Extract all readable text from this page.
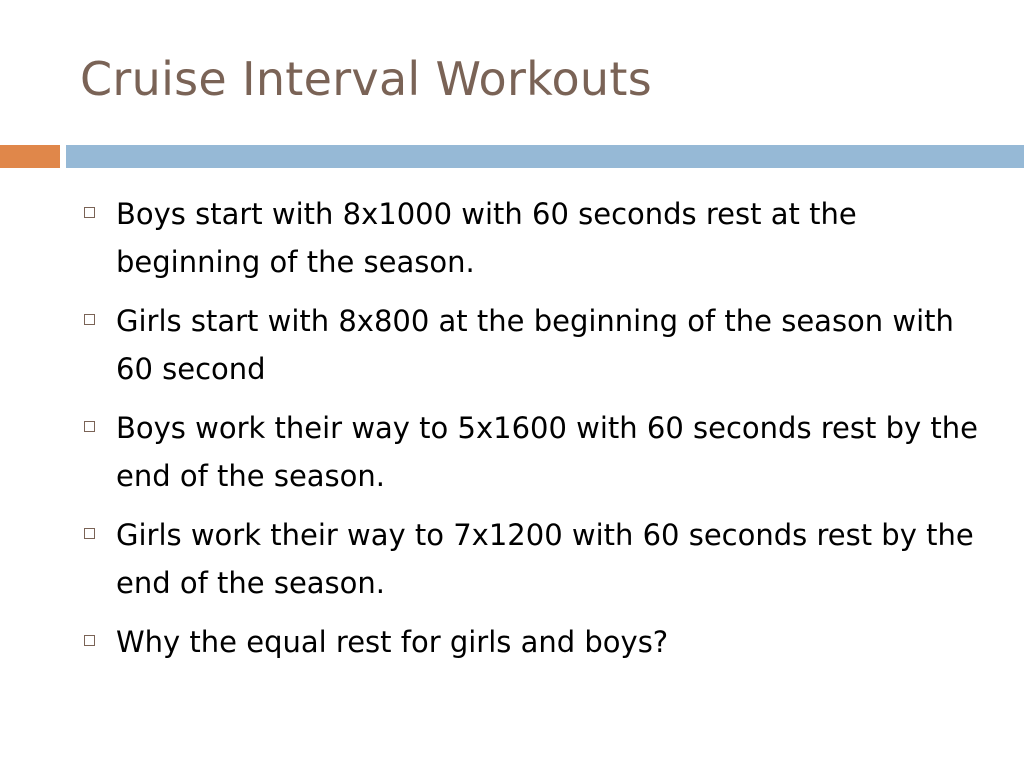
Cruise Interval Workouts
Boys start with 8x1000 with 60 seconds rest at the beginning of the season.
Girls start with 8x800 at the beginning of the season with 60 second
Boys work their way to 5x1600 with 60 seconds rest by the end of the season.
Girls work their way to 7x1200 with 60 seconds rest by the end of the season.
Why the equal rest for girls and boys?
